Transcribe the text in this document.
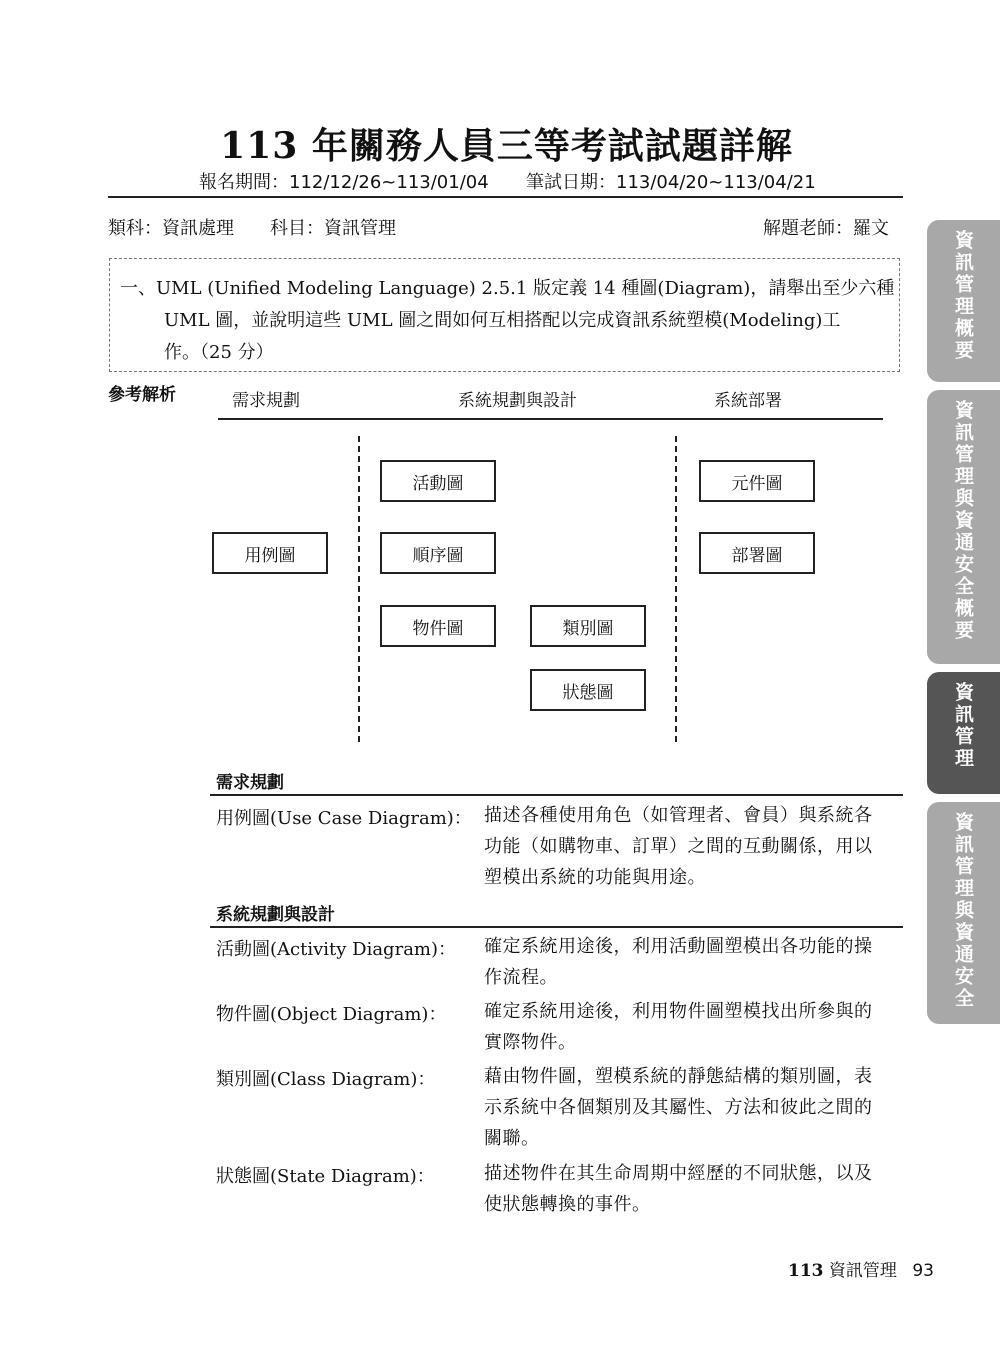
113 年關務人員三等考試試題詳解
報名期間：112/12/26~113/01/04 筆試日期：113/04/20~113/04/21
類科：資訊處理 科目：資訊管理	解題老師：羅文
一、UML (Unified Modeling Language) 2.5.1 版定義 14 種圖(Diagram)，請舉出至少六種
UML 圖，並說明這些 UML 圖之間如何互相搭配以完成資訊系統塑模(Modeling)工
作。（25 分）
參考解析	需求規劃	系統規劃與設計	系統部署
用例圖
活動圖
順序圖
物件圖	類別圖
狀態圖
元件圖
部署圖
需求規劃
用例圖(Use Case Diagram)： 描述各種使用角色（如管理者、會員）與系統各
功能（如購物車、訂單）之間的互動關係，用以
塑模出系統的功能與用途。
系統規劃與設計
活動圖(Activity Diagram)： 確定系統用途後，利用活動圖塑模出各功能的操
作流程。
物件圖(Object Diagram)： 確定系統用途後，利用物件圖塑模找出所參與的
實際物件。
類別圖(Class Diagram)：	藉由物件圖，塑模系統的靜態結構的類別圖，表
示系統中各個類別及其屬性、方法和彼此之間的
關聯。
狀態圖(State Diagram)：	描述物件在其生命周期中經歷的不同狀態，以及
使狀態轉換的事件。
資訊管理概要
資訊管理與資通安全概要
資訊管理
資訊管理與資通安全
113 資訊管理 93
